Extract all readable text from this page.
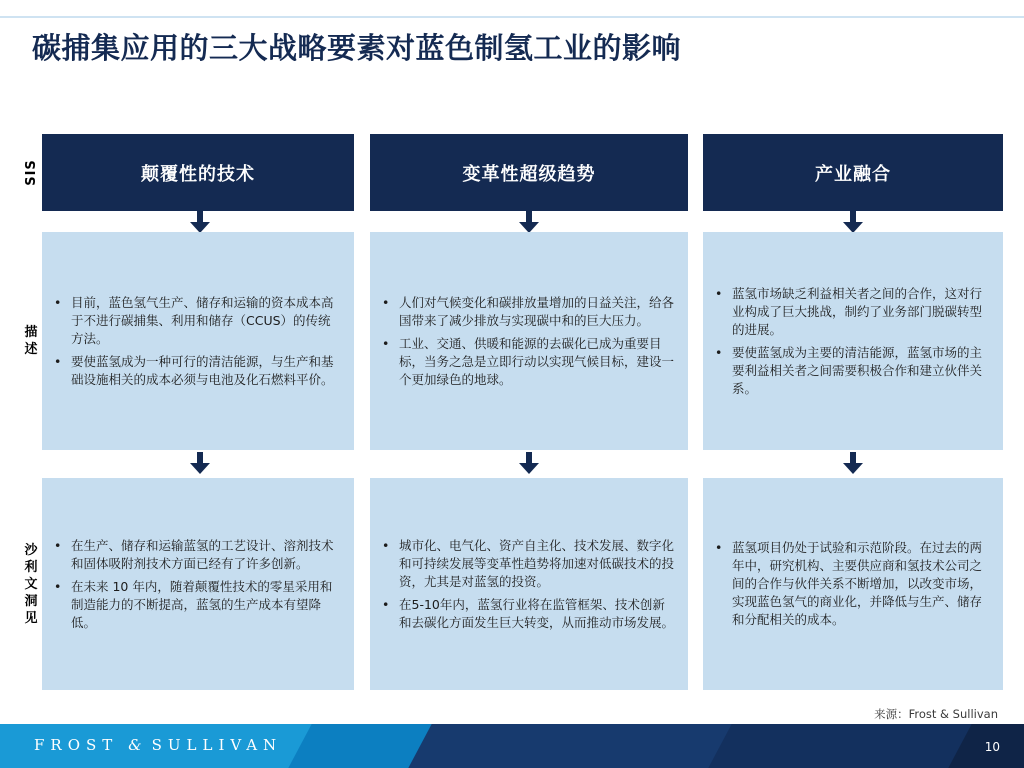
碳捕集应用的三大战略要素对蓝色制氢工业的影响
SIS
描述
沙利文洞见
颠覆性的技术
• 目前，蓝色氢气生产、储存和运输的资本成本高于不进行碳捕集、利用和储存（CCUS）的传统方法。
• 要使蓝氢成为一种可行的清洁能源，与生产和基础设施相关的成本必须与电池及化石燃料平价。
• 在生产、储存和运输蓝氢的工艺设计、溶剂技术和固体吸附剂技术方面已经有了许多创新。
• 在未来 10 年内，随着颠覆性技术的零星采用和制造能力的不断提高，蓝氢的生产成本有望降低。
变革性超级趋势
• 人们对气候变化和碳排放量增加的日益关注，给各国带来了减少排放与实现碳中和的巨大压力。
• 工业、交通、供暖和能源的去碳化已成为重要目标，当务之急是立即行动以实现气候目标，建设一个更加绿色的地球。
• 城市化、电气化、资产自主化、技术发展、数字化和可持续发展等变革性趋势将加速对低碳技术的投资，尤其是对蓝氢的投资。
• 在5-10年内，蓝氢行业将在监管框架、技术创新和去碳化方面发生巨大转变，从而推动市场发展。
产业融合
• 蓝氢市场缺乏利益相关者之间的合作，这对行业构成了巨大挑战，制约了业务部门脱碳转型的进展。
• 要使蓝氢成为主要的清洁能源，蓝氢市场的主要利益相关者之间需要积极合作和建立伙伴关系。
• 蓝氢项目仍处于试验和示范阶段。在过去的两年中，研究机构、主要供应商和氢技术公司之间的合作与伙伴关系不断增加，以改变市场，实现蓝色氢气的商业化，并降低与生产、储存和分配相关的成本。
来源：Frost & Sullivan
FROST & SULLIVAN	10
